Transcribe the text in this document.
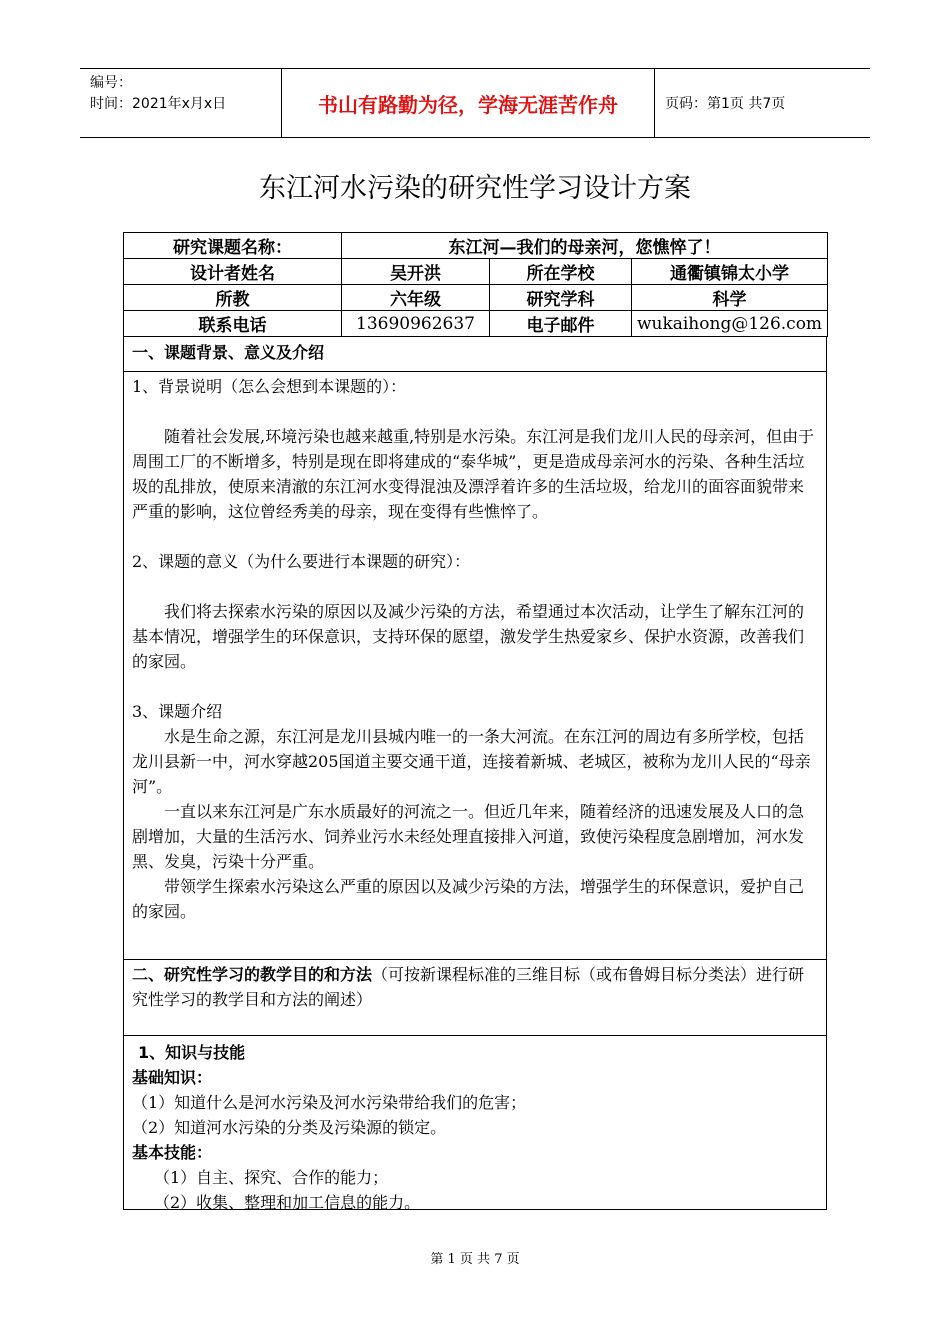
编号：
时间：2021年x月x日	书山有路勤为径，学海无涯苦作舟	页码：第1页 共7页
东江河水污染的研究性学习设计方案
研究课题名称：	东江河—我们的母亲河，您憔悴了！		
设计者姓名	吴开洪	所在学校	通衢镇锦太小学
所教	六年级	研究学科	科学
联系电话	13690962637	电子邮件	wukaihong@126.com
一、课题背景、意义及介绍
1、背景说明（怎么会想到本课题的）：
随着社会发展,环境污染也越来越重,特别是水污染。东江河是我们龙川人民的母亲河，但由于周围工厂的不断增多，特别是现在即将建成的“泰华城”，更是造成母亲河水的污染、各种生活垃圾的乱排放，使原来清澈的东江河水变得混浊及漂浮着许多的生活垃圾，给龙川的面容面貌带来严重的影响，这位曾经秀美的母亲，现在变得有些憔悴了。
2、课题的意义（为什么要进行本课题的研究）：
我们将去探索水污染的原因以及减少污染的方法，希望通过本次活动，让学生了解东江河的基本情况，增强学生的环保意识，支持环保的愿望，激发学生热爱家乡、保护水资源，改善我们的家园。
3、课题介绍
水是生命之源，东江河是龙川县城内唯一的一条大河流。在东江河的周边有多所学校，包括龙川县新一中，河水穿越205国道主要交通干道，连接着新城、老城区，被称为龙川人民的“母亲河”。
一直以来东江河是广东水质最好的河流之一。但近几年来，随着经济的迅速发展及人口的急剧增加，大量的生活污水、饲养业污水未经处理直接排入河道，致使污染程度急剧增加，河水发黑、发臭，污染十分严重。
带领学生探索水污染这么严重的原因以及减少污染的方法，增强学生的环保意识，爱护自己的家园。
二、研究性学习的教学目的和方法（可按新课程标准的三维目标（或布鲁姆目标分类法）进行研究性学习的教学目和方法的阐述）
1、知识与技能
基础知识：
（1）知道什么是河水污染及河水污染带给我们的危害；
（2）知道河水污染的分类及污染源的锁定。
基本技能：
（1）自主、探究、合作的能力；
（2）收集、整理和加工信息的能力。
第 1 页 共 7 页
